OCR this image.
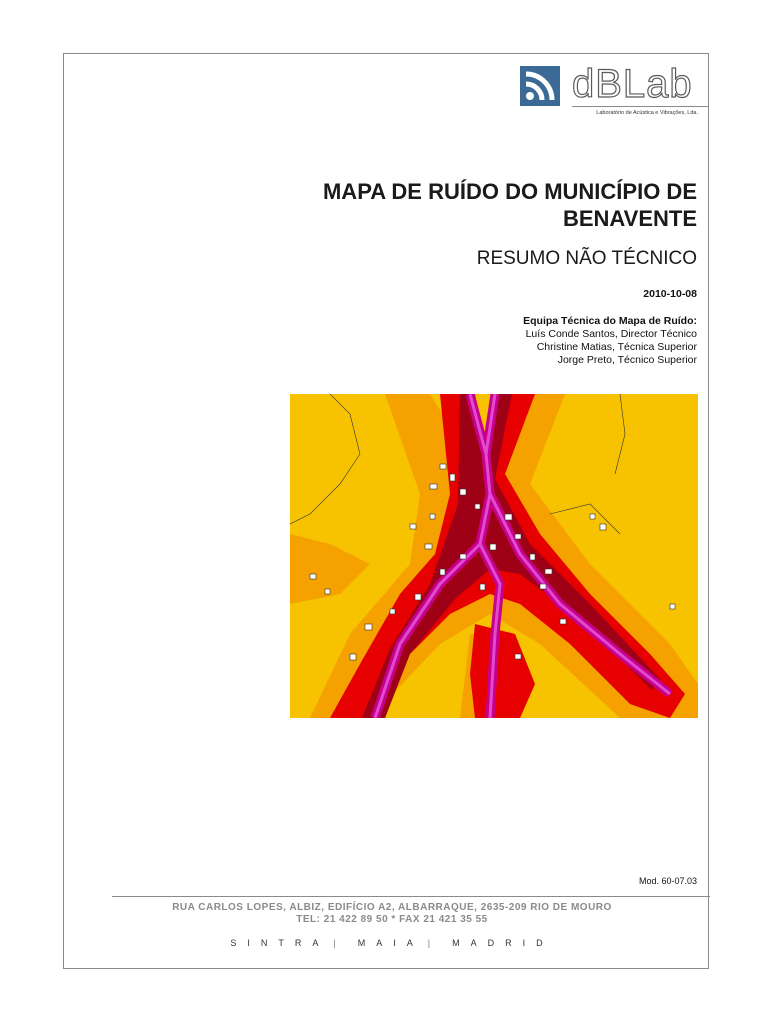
dBLab
Laboratório de Acústica e Vibrações, Lda.
MAPA DE RUÍDO DO MUNICÍPIO DE BENAVENTE
RESUMO NÃO TÉCNICO
2010-10-08
Equipa Técnica do Mapa de Ruído:
Luís Conde Santos, Director Técnico
Christine Matias, Técnica Superior
Jorge Preto, Técnico Superior
Mod. 60-07.03
RUA CARLOS LOPES, ALBIZ, EDIFÍCIO A2, ALBARRAQUE, 2635-209 RIO DE MOURO
TEL: 21 422 89 50 * FAX 21 421 35 55
SINTRA | MAIA | MADRID
